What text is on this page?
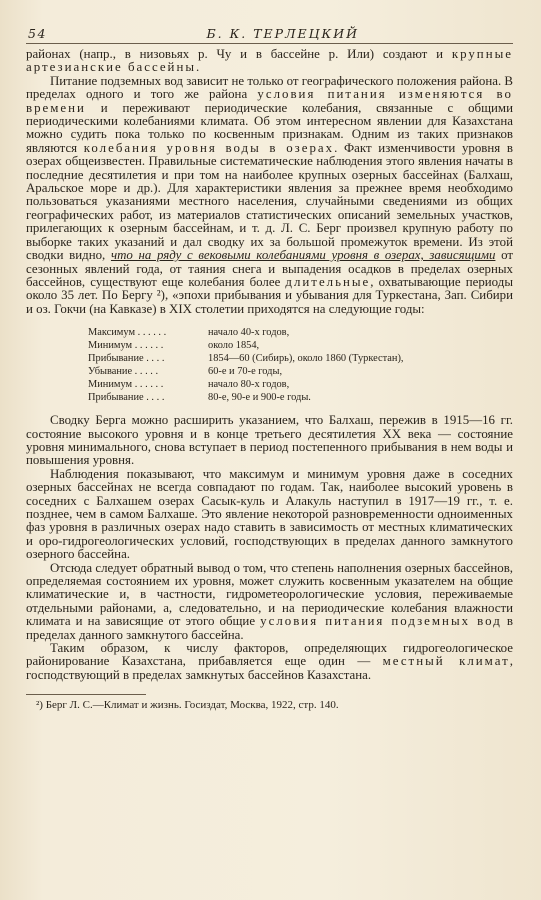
54	Б. К. ТЕРЛЕЦКИЙ

районах (напр., в низовьях р. Чу и в бассейне р. Или) создают и крупные артезианские бассейны.

Питание подземных вод зависит не только от географического положения района. В пределах одного и того же района условия питания изменяются во времени и переживают периодические колебания, связанные с общими периодическими колебаниями климата. Об этом интересном явлении для Казахстана можно судить пока только по косвенным признакам. Одним из таких признаков являются колебания уровня воды в озерах. Факт изменчивости уровня в озерах общеизвестен. Правильные систематические наблюдения этого явления начаты в последние десятилетия и при том на наиболее крупных озерных бассейнах (Балхаш, Аральское море и др.). Для характеристики явления за прежнее время необходимо пользоваться указаниями местного населения, случайными сведениями из общих географических работ, из материалов статистических описаний земельных участков, прилегающих к озерным бассейнам, и т. д. Л. С. Берг произвел крупную работу по выборке таких указаний и дал сводку их за большой промежуток времени. Из этой сводки видно, что на ряду с вековыми колебаниями уровня в озерах, зависящими от сезонных явлений года, от таяния снега и выпадения осадков в пределах озерных бассейнов, существуют еще колебания более длительные, охватывающие периоды около 35 лет. По Бергу ²), «эпохи прибывания и убывания для Туркестана, Зап. Сибири и оз. Гокчи (на Кавказе) в XIX столетии приходятся на следующие годы:

Максимум . . . . . .	начало 40-х годов,
Минимум . . . . . .	около 1854,
Прибывание . . . .	1854—60 (Сибирь), около 1860 (Туркестан),
Убывание . . . . .	60-е и 70-е годы,
Минимум . . . . . .	начало 80-х годов,
Прибывание . . . .	80-е, 90-е и 900-е годы.

Сводку Берга можно расширить указанием, что Балхаш, пережив в 1915—16 гг. состояние высокого уровня и в конце третьего десятилетия XX века — состояние уровня минимального, снова вступает в период постепенного прибывания в нем воды и повышения уровня.

Наблюдения показывают, что максимум и минимум уровня даже в соседних озерных бассейнах не всегда совпадают по годам. Так, наиболее высокий уровень в соседних с Балхашем озерах Сасык-куль и Алакуль наступил в 1917—19 гг., т. е. позднее, чем в самом Балхаше. Это явление некоторой разновременности одноименных фаз уровня в различных озерах надо ставить в зависимость от местных климатических и оро-гидрогеологических условий, господствующих в пределах данного замкнутого озерного бассейна.

Отсюда следует обратный вывод о том, что степень наполнения озерных бассейнов, определяемая состоянием их уровня, может служить косвенным указателем на общие климатические и, в частности, гидрометеорологические условия, переживаемые отдельными районами, а, следовательно, и на периодические колебания влажности климата и на зависящие от этого общие условия питания подземных вод в пределах данного замкнутого бассейна.

Таким образом, к числу факторов, определяющих гидрогеологическое районирование Казахстана, прибавляется еще один — местный климат, господствующий в пределах замкнутых бассейнов Казахстана.

²) Берг Л. С.—Климат и жизнь. Госиздат, Москва, 1922, стр. 140.
